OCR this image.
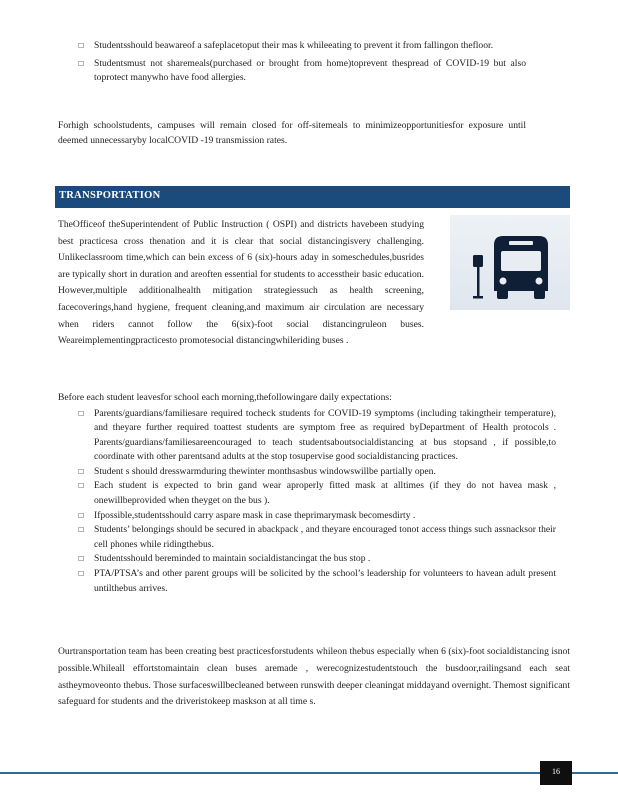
☐ Studentsshould beawareof a safeplacetoput their mas k whileeating to prevent it from fallingon thefloor.
☐ Studentsmust not sharemeals(purchased or brought from home)toprevent thespread of COVID-19 but also toprotect manywho have food allergies.

Forhigh schoolstudents, campuses will remain closed for off-sitemeals to minimizeopportunitiesfor exposure until deemed unnecessaryby localCOVID -19 transmission rates.

TRANSPORTATION

TheOfficeof theSuperintendent of Public Instruction ( OSPI) and districts havebeen studying best practicesa cross thenation and it is clear that social distancingisvery challenging. Unlikeclassroom time,which can bein excess of 6 (six)-hours aday in someschedules,busrides are typically short in duration and areoften essential for students to accesstheir basic education. However,multiple additionalhealth mitigation strategiessuch as health screening, facecoverings,hand hygiene, frequent cleaning,and maximum air circulation are necessary when riders cannot follow the 6(six)-foot social distancingruleon buses. Weareimplementingpracticesto promotesocial distancingwhileriding buses .

Before each student leavesfor school each morning,thefollowingare daily expectations:

☐ Parents/guardians/familiesare required tocheck students for COVID-19 symptoms (including takingtheir temperature), and theyare further required toattest students are symptom free as required byDepartment of Health protocols . Parents/guardians/familiesareencouraged to teach studentsaboutsocialdistancing at bus stopsand , if possible,to coordinate with other parentsand adults at the stop tosupervise good socialdistancing practices.
☐ Student s should dresswarmduring thewinter monthsasbus windowswillbe partially open.
☐ Each student is expected to brin gand wear aproperly fitted mask at alltimes (if they do not havea mask , onewillbeprovided when theyget on the bus ).
☐ Ifpossible,studentsshould carry aspare mask in case theprimarymask becomesdirty .
☐ Students’ belongings should be secured in abackpack , and theyare encouraged tonot access things such assnacksor their cell phones while ridingthebus.
☐ Studentsshould bereminded to maintain socialdistancingat the bus stop .
☐ PTA/PTSA’s and other parent groups will be solicited by the school’s leadership for volunteers to havean adult present untilthebus arrives.

Ourtransportation team has been creating best practicesforstudents whileon thebus especially when 6 (six)-foot socialdistancing isnot possible.Whileall effortstomaintain clean buses aremade , werecognizestudentstouch the busdoor,railingsand each seat astheymoveonto thebus. Those surfaceswillbecleaned between runswith deeper cleaningat middayand overnight. Themost significant safeguard for students and the driveristokeep maskson at all time s.

16
